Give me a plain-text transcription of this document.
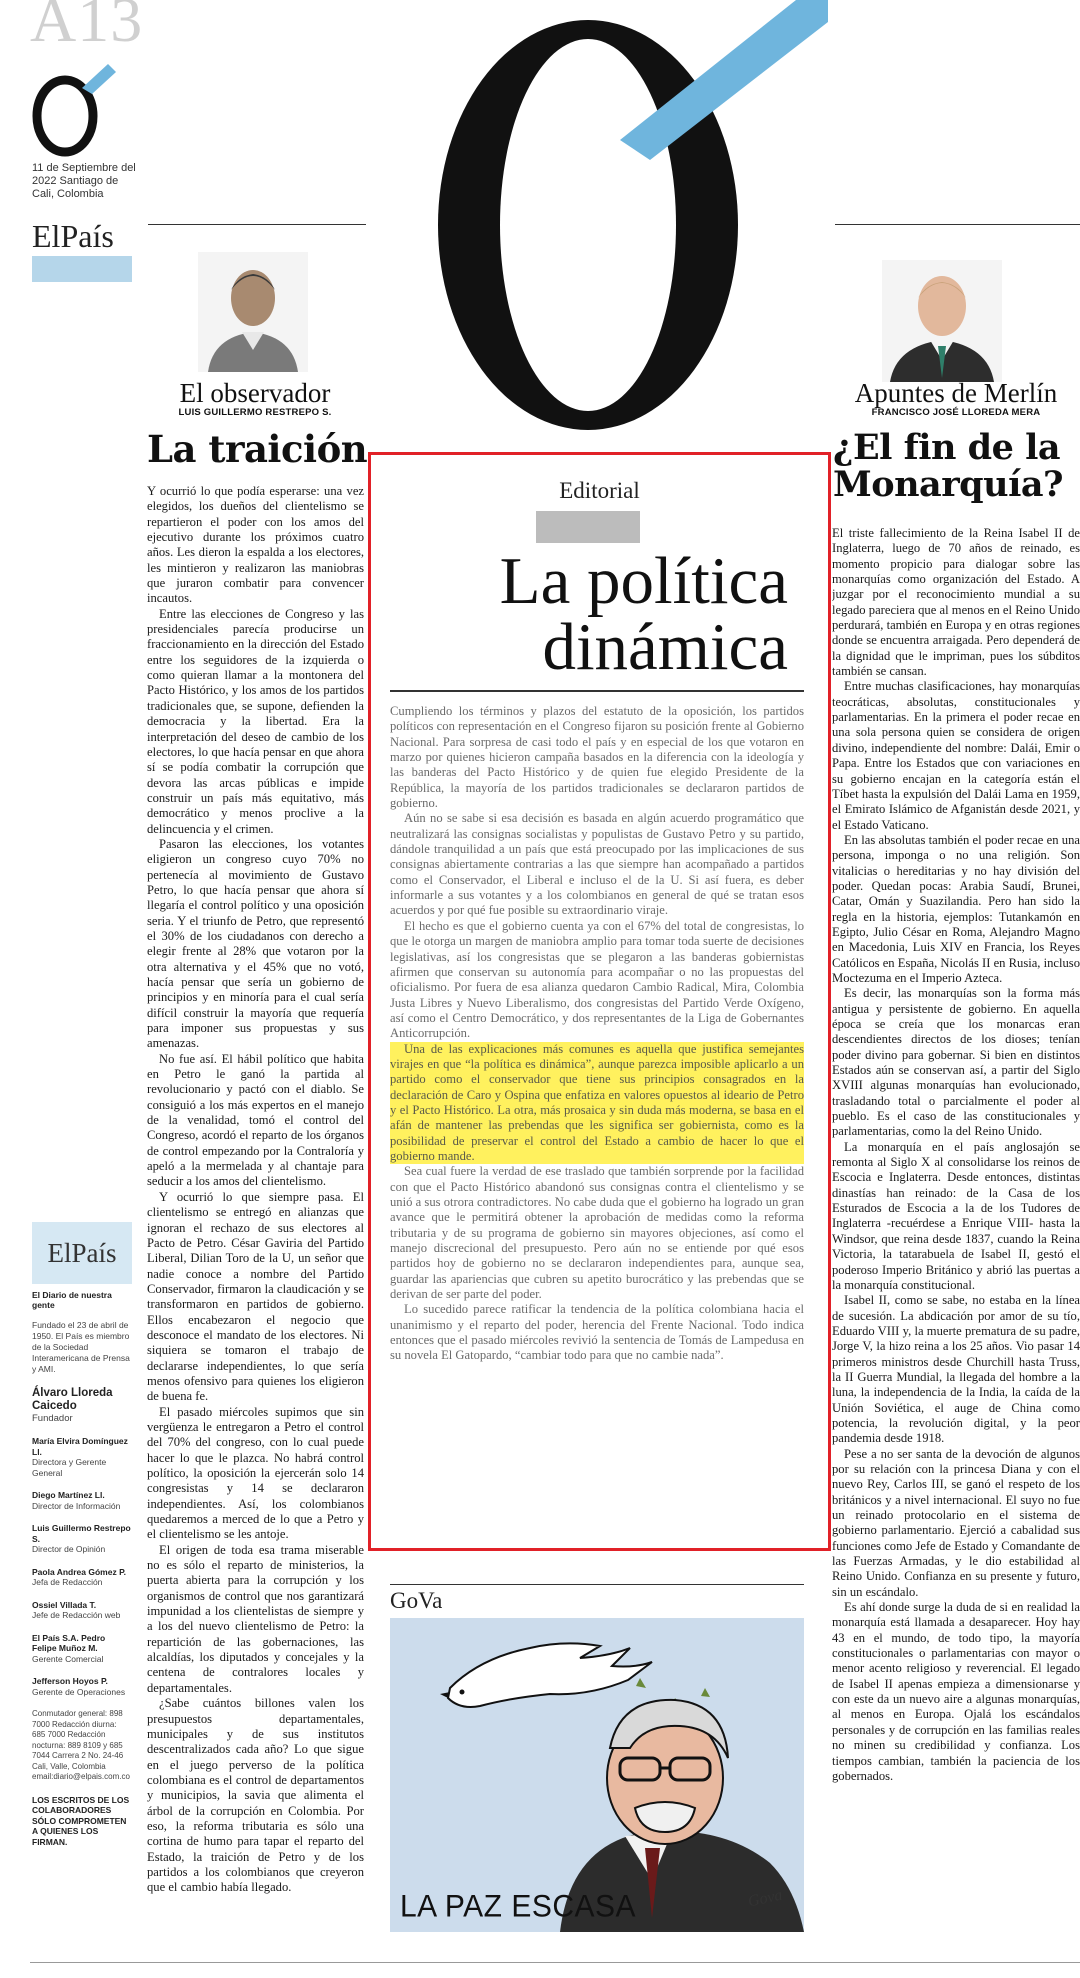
A13
11 de Septiembre del 2022 Santiago de Cali, Colombia
ElPaís
El observador
LUIS GUILLERMO RESTREPO S.
La traición

Y ocurrió lo que podía esperarse: una vez elegidos, los dueños del clientelismo se repartieron el poder con los amos del ejecutivo durante los próximos cuatro años. Les dieron la espalda a los electores, les mintieron y realizaron las maniobras que juraron combatir para convencer incautos.

Entre las elecciones de Congreso y las presidenciales parecía producirse un fraccionamiento en la dirección del Estado entre los seguidores de la izquierda o como quieran llamar a la montonera del Pacto Histórico, y los amos de los partidos tradicionales que, se supone, defienden la democracia y la libertad. Era la interpretación del deseo de cambio de los electores, lo que hacía pensar en que ahora sí se podía combatir la corrupción que devora las arcas públicas e impide construir un país más equitativo, más democrático y menos proclive a la delincuencia y el crimen.

Pasaron las elecciones, los votantes eligieron un congreso cuyo 70% no pertenecía al movimiento de Gustavo Petro, lo que hacía pensar que ahora sí llegaría el control político y una oposición seria. Y el triunfo de Petro, que representó el 30% de los ciudadanos con derecho a elegir frente al 28% que votaron por la otra alternativa y el 45% que no votó, hacía pensar que sería un gobierno de principios y en minoría para el cual sería difícil construir la mayoría que requería para imponer sus propuestas y sus amenazas.

No fue así. El hábil político que habita en Petro le ganó la partida al revolucionario y pactó con el diablo. Se consiguió a los más expertos en el manejo de la venalidad, tomó el control del Congreso, acordó el reparto de los órganos de control empezando por la Contraloría y apeló a la mermelada y al chantaje para seducir a los amos del clientelismo.

Y ocurrió lo que siempre pasa. El clientelismo se entregó en alianzas que ignoran el rechazo de sus electores al Pacto de Petro. César Gaviria del Partido Liberal, Dilian Toro de la U, un señor que nadie conoce a nombre del Partido Conservador, firmaron la claudicación y se transformaron en partidos de gobierno. Ellos encabezaron el negocio que desconoce el mandato de los electores. Ni siquiera se tomaron el trabajo de declararse independientes, lo que sería menos ofensivo para quienes los eligieron de buena fe.

El pasado miércoles supimos que sin vergüenza le entregaron a Petro el control del 70% del congreso, con lo cual puede hacer lo que le plazca. No habrá control político, la oposición la ejercerán solo 14 congresistas y 14 se declararon independientes. Así, los colombianos quedaremos a merced de lo que a Petro y el clientelismo se les antoje.

El origen de toda esa trama miserable no es sólo el reparto de ministerios, la puerta abierta para la corrupción y los organismos de control que nos garantizará impunidad a los clientelistas de siempre y a los del nuevo clientelismo de Petro: la repartición de las gobernaciones, las alcaldías, los diputados y concejales y la centena de contralores locales y departamentales.

¿Sabe cuántos billones valen los presupuestos departamentales, municipales y de sus institutos descentralizados cada año? Lo que sigue en el juego perverso de la política colombiana es el control de departamentos y municipios, la savia que alimenta el árbol de la corrupción en Colombia. Por eso, la reforma tributaria es sólo una cortina de humo para tapar el reparto del Estado, la traición de Petro y de los partidos a los colombianos que creyeron que el cambio había llegado.

ElPaís
El Diario de nuestra gente
Fundado el 23 de abril de 1950. El País es miembro de la Sociedad Interamericana de Prensa y AMI.
Álvaro Lloreda Caicedo
Fundador
María Elvira Domínguez Ll.
Directora y Gerente General
Diego Martínez Ll.
Director de Información
Luis Guillermo Restrepo S.
Director de Opinión
Paola Andrea Gómez P.
Jefa de Redacción
Ossiel Villada T.
Jefe de Redacción web
El País S.A. Pedro Felipe Muñoz M.
Gerente Comercial
Jefferson Hoyos P.
Gerente de Operaciones
Conmutador general: 898 7000 Redacción diurna: 685 7000 Redacción nocturna: 889 8109 y 685 7044 Carrera 2 No. 24-46 Cali, Valle, Colombia email:diario@elpais.com.co
LOS ESCRITOS DE LOS COLABORADORES SÓLO COMPROMETEN A QUIENES LOS FIRMAN.
Editorial
La política
dinámica

Cumpliendo los términos y plazos del estatuto de la oposición, los partidos políticos con representación en el Congreso fijaron su posición frente al Gobierno Nacional. Para sorpresa de casi todo el país y en especial de los que votaron en marzo por quienes hicieron campaña basados en la diferencia con la ideología y las banderas del Pacto Histórico y de quien fue elegido Presidente de la República, la mayoría de los partidos tradicionales se declararon partidos de gobierno.

Aún no se sabe si esa decisión es basada en algún acuerdo programático que neutralizará las consignas socialistas y populistas de Gustavo Petro y su partido, dándole tranquilidad a un país que está preocupado por las implicaciones de sus consignas abiertamente contrarias a las que siempre han acompañado a partidos como el Conservador, el Liberal e incluso el de la U. Si así fuera, es deber informarle a sus votantes y a los colombianos en general de qué se tratan esos acuerdos y por qué fue posible su extraordinario viraje.

El hecho es que el gobierno cuenta ya con el 67% del total de congresistas, lo que le otorga un margen de maniobra amplio para tomar toda suerte de decisiones legislativas, así los congresistas que se plegaron a las banderas gobiernistas afirmen que conservan su autonomía para acompañar o no las propuestas del oficialismo. Por fuera de esa alianza quedaron Cambio Radical, Mira, Colombia Justa Libres y Nuevo Liberalismo, dos congresistas del Partido Verde Oxígeno, así como el Centro Democrático, y dos representantes de la Liga de Gobernantes Anticorrupción.

Una de las explicaciones más comunes es aquella que justifica semejantes virajes en que “la política es dinámica”, aunque parezca imposible aplicarlo a un partido como el conservador que tiene sus principios consagrados en la declaración de Caro y Ospina que enfatiza en valores opuestos al ideario de Petro y el Pacto Histórico. La otra, más prosaica y sin duda más moderna, se basa en el afán de mantener las prebendas que les significa ser gobiernista, como es la posibilidad de preservar el control del Estado a cambio de hacer lo que el gobierno mande.

Sea cual fuere la verdad de ese traslado que también sorprende por la facilidad con que el Pacto Histórico abandonó sus consignas contra el clientelismo y se unió a sus otrora contradictores. No cabe duda que el gobierno ha logrado un gran avance que le permitirá obtener la aprobación de medidas como la reforma tributaria y de su programa de gobierno sin mayores objeciones, así como el manejo discrecional del presupuesto. Pero aún no se entiende por qué esos partidos hoy de gobierno no se declararon independientes para, aunque sea, guardar las apariencias que cubren su apetito burocrático y las prebendas que se derivan de ser parte del poder.

Lo sucedido parece ratificar la tendencia de la política colombiana hacia el unanimismo y el reparto del poder, herencia del Frente Nacional. Todo indica entonces que el pasado miércoles revivió la sentencia de Tomás de Lampedusa en su novela El Gatopardo, “cambiar todo para que no cambie nada”.

GoVa
LA PAZ ESCASA	Gova
Apuntes de Merlín
FRANCISCO JOSÉ LLOREDA MERA
¿El fin de la
Monarquía?

El triste fallecimiento de la Reina Isabel II de Inglaterra, luego de 70 años de reinado, es momento propicio para dialogar sobre las monarquías como organización del Estado. A juzgar por el reconocimiento mundial a su legado pareciera que al menos en el Reino Unido perdurará, también en Europa y en otras regiones donde se encuentra arraigada. Pero dependerá de la dignidad que le impriman, pues los súbditos también se cansan.

Entre muchas clasificaciones, hay monarquías teocráticas, absolutas, constitucionales y parlamentarias. En la primera el poder recae en una sola persona quien se considera de origen divino, independiente del nombre: Dalái, Emir o Papa. Entre los Estados que con variaciones en su gobierno encajan en la categoría están el Tíbet hasta la expulsión del Dalái Lama en 1959, el Emirato Islámico de Afganistán desde 2021, y el Estado Vaticano.

En las absolutas también el poder recae en una persona, imponga o no una religión. Son vitalicias o hereditarias y no hay división del poder. Quedan pocas: Arabia Saudí, Brunei, Catar, Omán y Suazilandia. Pero han sido la regla en la historia, ejemplos: Tutankamón en Egipto, Julio César en Roma, Alejandro Magno en Macedonia, Luis XIV en Francia, los Reyes Católicos en España, Nicolás II en Rusia, incluso Moctezuma en el Imperio Azteca.

Es decir, las monarquías son la forma más antigua y persistente de gobierno. En aquella época se creía que los monarcas eran descendientes directos de los dioses; tenían poder divino para gobernar. Si bien en distintos Estados aún se conservan así, a partir del Siglo XVIII algunas monarquías han evolucionado, trasladando total o parcialmente el poder al pueblo. Es el caso de las constitucionales y parlamentarias, como la del Reino Unido.

La monarquía en el país anglosajón se remonta al Siglo X al consolidarse los reinos de Escocia e Inglaterra. Desde entonces, distintas dinastías han reinado: de la Casa de los Esturados de Escocia a la de los Tudores de Inglaterra -recuérdese a Enrique VIII- hasta la Windsor, que reina desde 1837, cuando la Reina Victoria, la tatarabuela de Isabel II, gestó el poderoso Imperio Británico y abrió las puertas a la monarquía constitucional.

Isabel II, como se sabe, no estaba en la línea de sucesión. La abdicación por amor de su tío, Eduardo VIII y, la muerte prematura de su padre, Jorge V, la hizo reina a los 25 años. Vio pasar 14 primeros ministros desde Churchill hasta Truss, la II Guerra Mundial, la llegada del hombre a la luna, la independencia de la India, la caída de la Unión Soviética, el auge de China como potencia, la revolución digital, y la peor pandemia desde 1918.

Pese a no ser santa de la devoción de algunos por su relación con la princesa Diana y con el nuevo Rey, Carlos III, se ganó el respeto de los británicos y a nivel internacional. El suyo no fue un reinado protocolario en el sistema de gobierno parlamentario. Ejerció a cabalidad sus funciones como Jefe de Estado y Comandante de las Fuerzas Armadas, y le dio estabilidad al Reino Unido. Confianza en su presente y futuro, sin un escándalo.

Es ahí donde surge la duda de si en realidad la monarquía está llamada a desaparecer. Hoy hay 43 en el mundo, de todo tipo, la mayoría constitucionales o parlamentarias con mayor o menor acento religioso y reverencial. El legado de Isabel II apenas empieza a dimensionarse y con este da un nuevo aire a algunas monarquías, al menos en Europa. Ojalá los escándalos personales y de corrupción en las familias reales no minen su credibilidad y confianza. Los tiempos cambian, también la paciencia de los gobernados.
